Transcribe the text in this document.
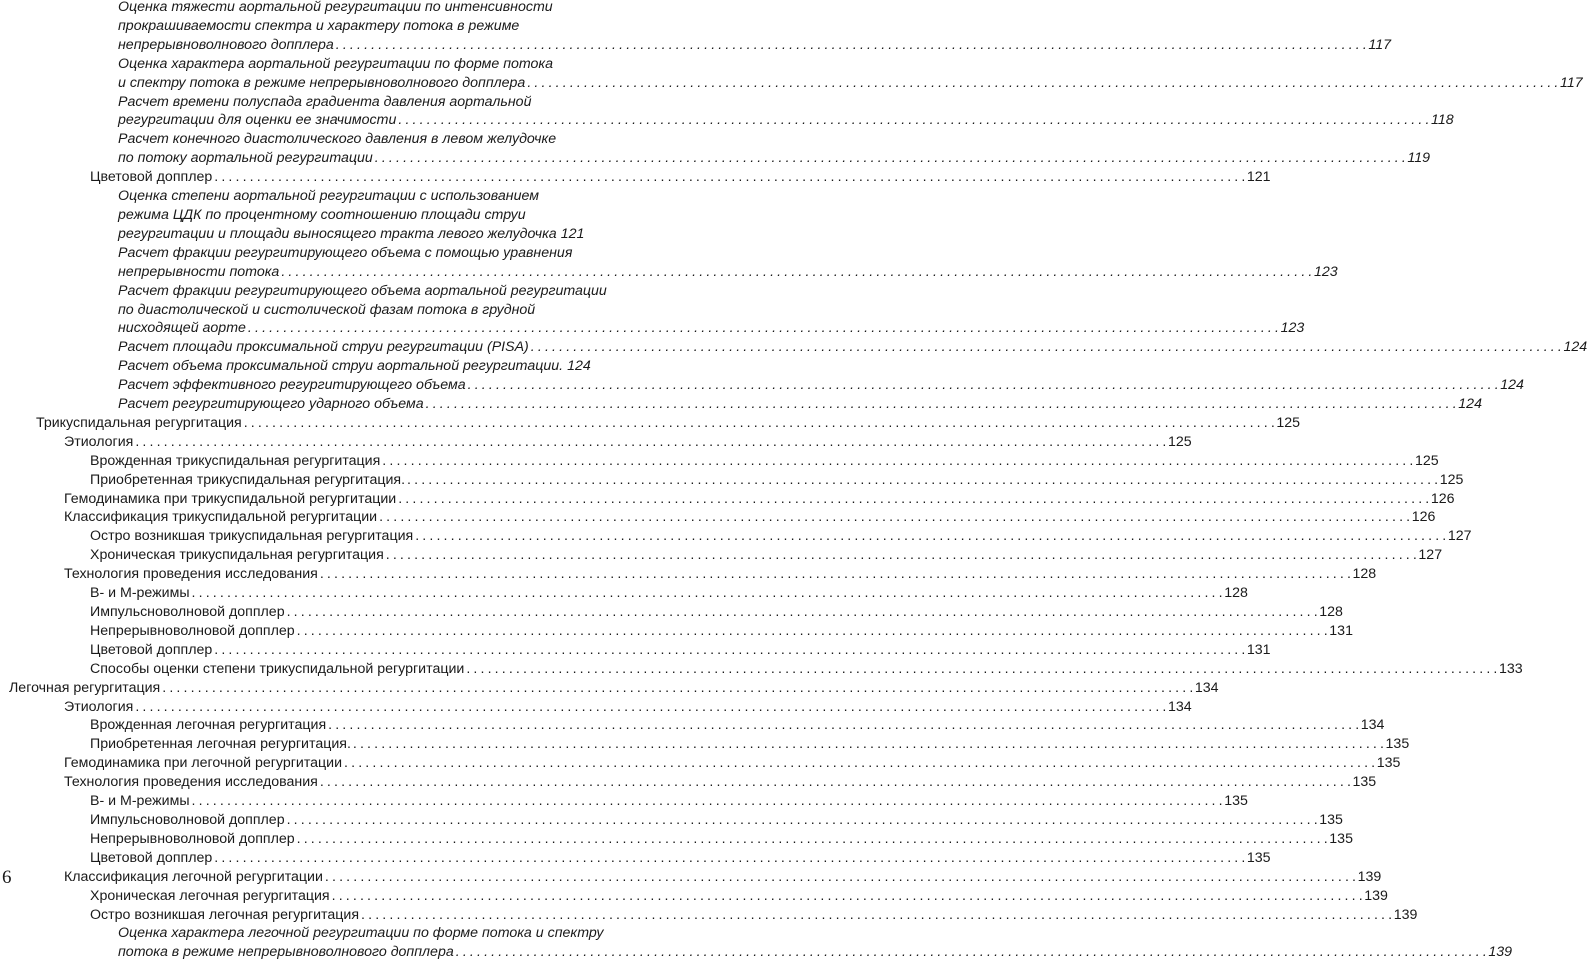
Оценка тяжести аортальной регургитации по интенсивности
прокрашиваемости спектра и характеру потока в режиме
непрерывноволнового допплера . . .	117
Оценка характера аортальной регургитации по форме потока
и спектру потока в режиме непрерывноволнового допплера . . .	117
Расчет времени полуспада градиента давления аортальной
регургитации для оценки ее значимости . . .	118
Расчет конечного диастолического давления в левом желудочке
по потоку аортальной регургитации . . .	119
Цветовой допплер . . .	121
Оценка степени аортальной регургитации с использованием
режима ЦДК по процентному соотношению площади струи
регургитации и площади выносящего тракта левого желудочка 121
Расчет фракции регургитирующего объема с помощью уравнения
непрерывности потока . . .	123
Расчет фракции регургитирующего объема аортальной регургитации
по диастолической и систолической фазам потока в грудной
нисходящей аорте . . .	123
Расчет площади проксимальной струи регургитации (PISA) . . .	124
Расчет объема проксимальной струи аортальной регургитации. 124
Расчет эффективного регургитирующего объема . . .	124
Расчет регургитирующего ударного объема . . .	124
Трикуспидальная регургитация . . .	125
Этиология . . .	125
Врожденная трикуспидальная регургитация . . .	125
Приобретенная трикуспидальная регургитация. . . .	125
Гемодинамика при трикуспидальной регургитации . . .	126
Классификация трикуспидальной регургитации . . .	126
Остро возникшая трикуспидальная регургитация . . .	127
Хроническая трикуспидальная регургитация . . .	127
Технология проведения исследования . . .	128
B- и M-режимы . . .	128
Импульсноволновой допплер . . .	128
Непрерывноволновой допплер . . .	131
Цветовой допплер . . .	131
Способы оценки степени трикуспидальной регургитации . . .	133
Легочная регургитация . . .	134
Этиология . . .	134
Врожденная легочная регургитация . . .	134
Приобретенная легочная регургитация. . . .	135
Гемодинамика при легочной регургитации . . .	135
Технология проведения исследования . . .	135
B- и M-режимы . . .	135
Импульсноволновой допплер . . .	135
Непрерывноволновой допплер . . .	135
Цветовой допплер . . .	135
Классификация легочной регургитации . . .	139
Хроническая легочная регургитация . . .	139
Остро возникшая легочная регургитация . . .	139
Оценка характера легочной регургитации по форме потока и спектру
потока в режиме непрерывноволнового допплера . . .	139
6
